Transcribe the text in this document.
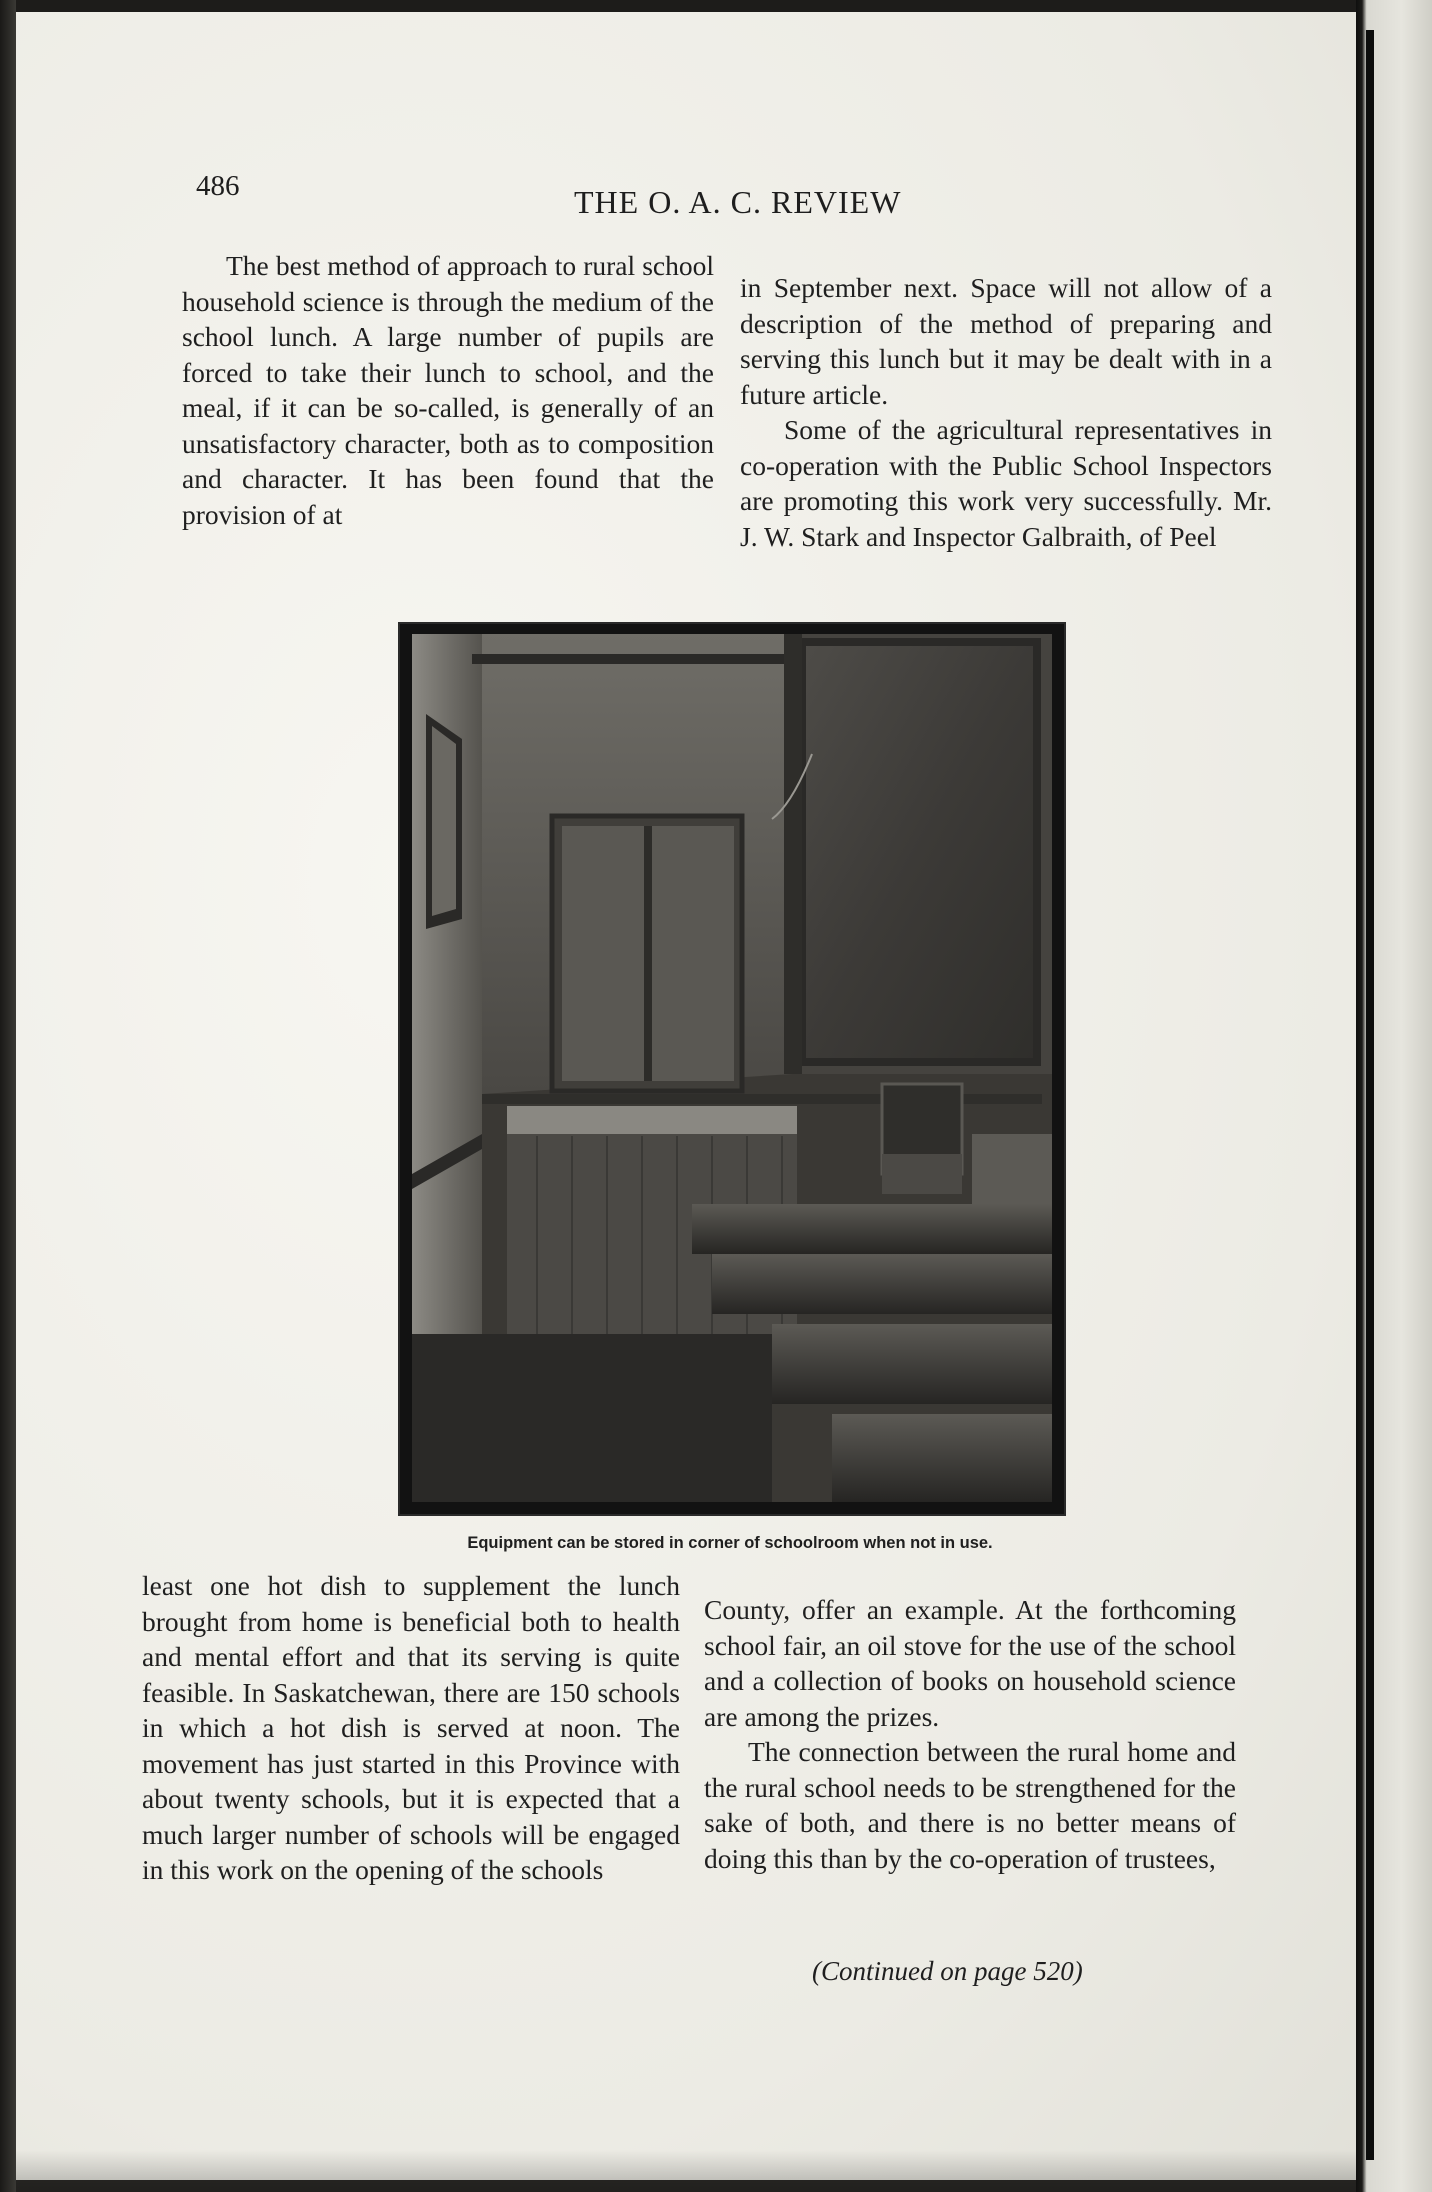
486	THE O. A. C. REVIEW

The best method of approach to rural school household science is through the medium of the school lunch. A large number of pupils are forced to take their lunch to school, and the meal, if it can be so-called, is generally of an unsatisfactory character, both as to composition and character. It has been found that the provision of at

in September next. Space will not allow of a description of the method of preparing and serving this lunch but it may be dealt with in a future article.

Some of the agricultural representatives in co-operation with the Public School Inspectors are promoting this work very successfully. Mr. J. W. Stark and Inspector Galbraith, of Peel

Equipment can be stored in corner of schoolroom when not in use.

least one hot dish to supplement the lunch brought from home is beneficial both to health and mental effort and that its serving is quite feasible. In Saskatchewan, there are 150 schools in which a hot dish is served at noon. The movement has just started in this Province with about twenty schools, but it is expected that a much larger number of schools will be engaged in this work on the opening of the schools

County, offer an example. At the forthcoming school fair, an oil stove for the use of the school and a collection of books on household science are among the prizes.

The connection between the rural home and the rural school needs to be strengthened for the sake of both, and there is no better means of doing this than by the co-operation of trustees,

(Continued on page 520)
